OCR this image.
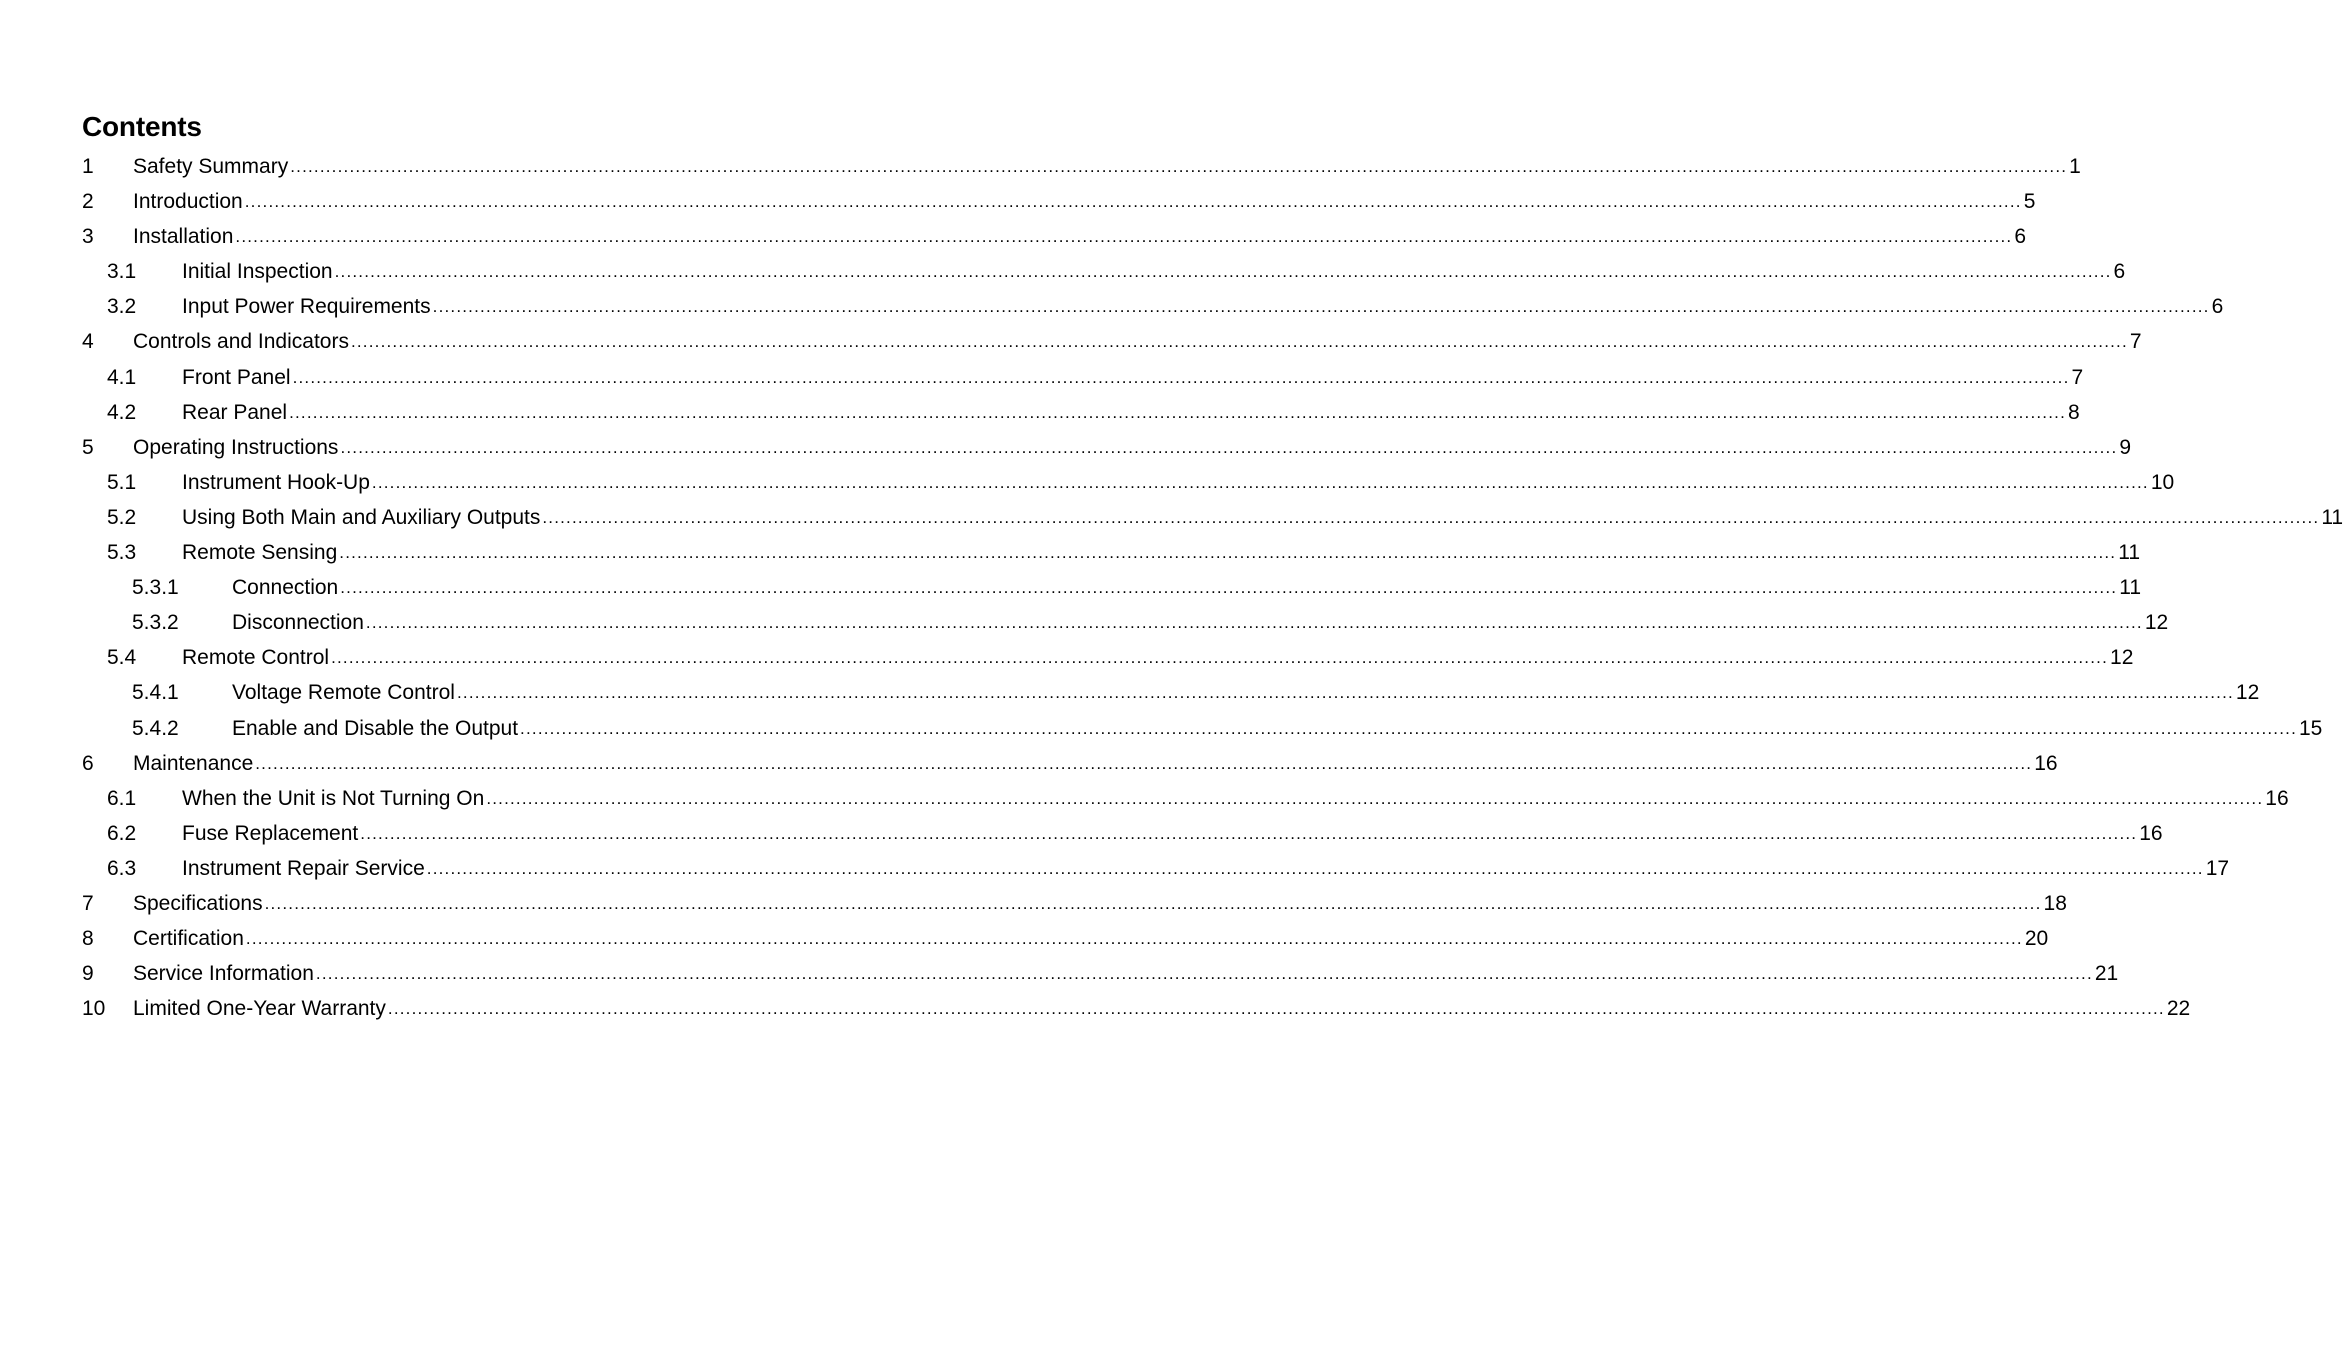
Contents
1 Safety Summary ............................................................................................................................................................................................................................................................................................................ 1
2 Introduction ............................................................................................................................................................................................................................................................................................................ 5
3 Installation ............................................................................................................................................................................................................................................................................................................ 6
3.1 Initial Inspection ............................................................................................................................................................................................................................................................................................................ 6
3.2 Input Power Requirements ............................................................................................................................................................................................................................................................................................................ 6
4 Controls and Indicators ............................................................................................................................................................................................................................................................................................................ 7
4.1 Front Panel ............................................................................................................................................................................................................................................................................................................ 7
4.2 Rear Panel ............................................................................................................................................................................................................................................................................................................ 8
5 Operating Instructions ............................................................................................................................................................................................................................................................................................................ 9
5.1 Instrument Hook-Up ............................................................................................................................................................................................................................................................................................................ 10
5.2 Using Both Main and Auxiliary Outputs ............................................................................................................................................................................................................................................................................................................ 11
5.3 Remote Sensing ............................................................................................................................................................................................................................................................................................................ 11
5.3.1	Connection ............................................................................................................................................................................................................................................................................................................ 11
5.3.2	Disconnection ............................................................................................................................................................................................................................................................................................................ 12
5.4 Remote Control ............................................................................................................................................................................................................................................................................................................ 12
5.4.1	Voltage Remote Control ............................................................................................................................................................................................................................................................................................................ 12
5.4.2	Enable and Disable the Output ............................................................................................................................................................................................................................................................................................................ 15
6 Maintenance ............................................................................................................................................................................................................................................................................................................ 16
6.1 When the Unit is Not Turning On ............................................................................................................................................................................................................................................................................................................ 16
6.2 Fuse Replacement ............................................................................................................................................................................................................................................................................................................ 16
6.3 Instrument Repair Service ............................................................................................................................................................................................................................................................................................................ 17
7 Specifications ............................................................................................................................................................................................................................................................................................................ 18
8 Certification ............................................................................................................................................................................................................................................................................................................ 20
9 Service Information ............................................................................................................................................................................................................................................................................................................ 21
10 Limited One-Year Warranty ............................................................................................................................................................................................................................................................................................................ 22
